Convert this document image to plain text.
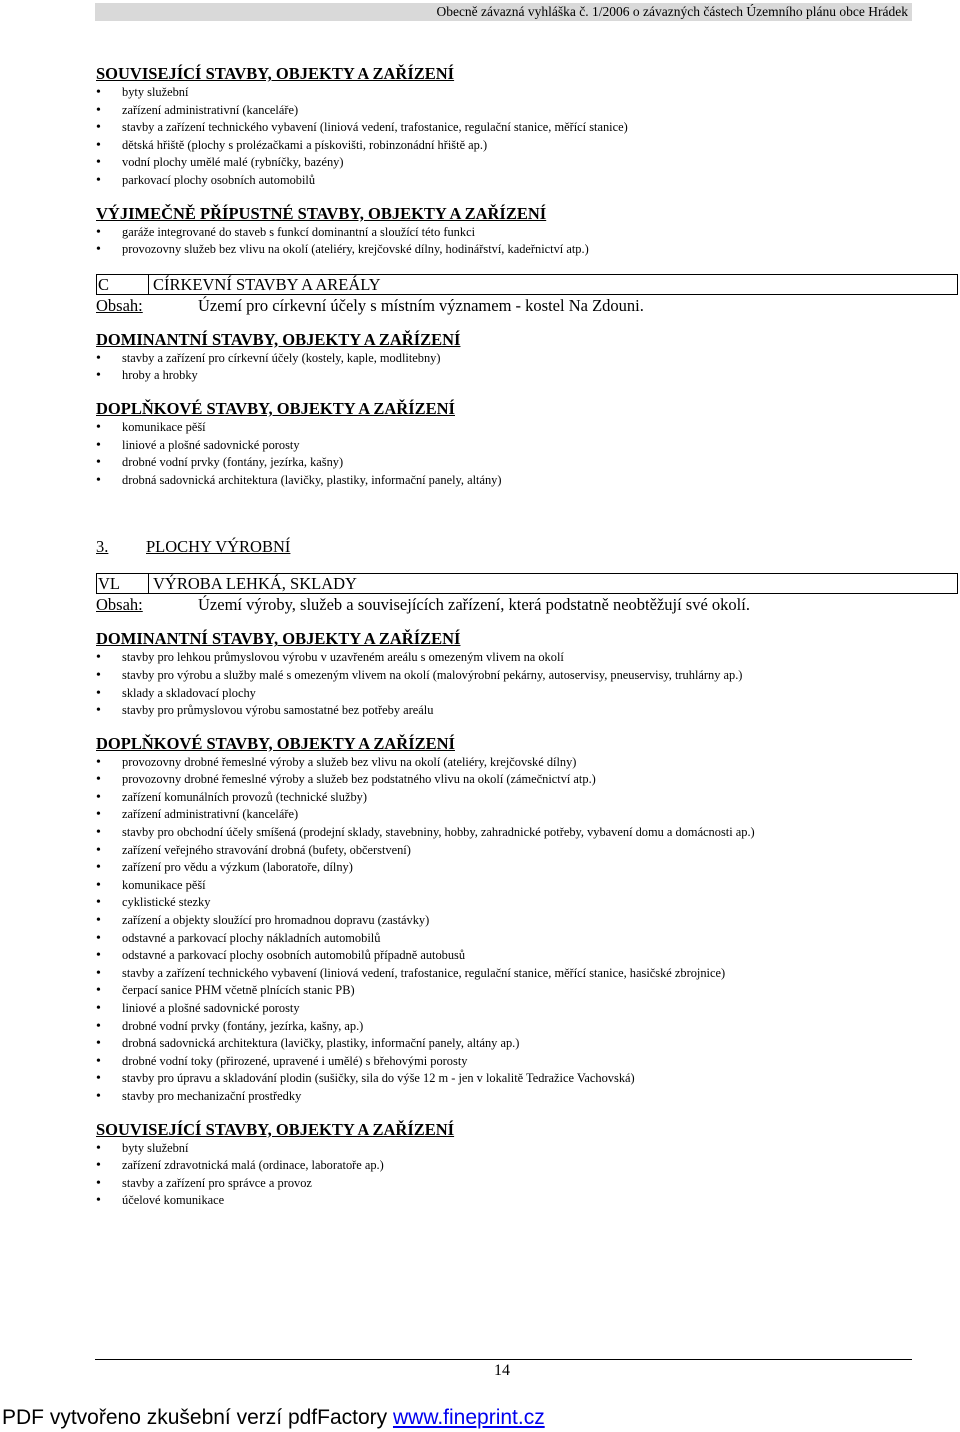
Obecně závazná vyhláška č. 1/2006 o závazných částech Územního plánu obce Hrádek
SOUVISEJÍCÍ STAVBY, OBJEKTY A ZAŘÍZENÍ
• byty služební
• zařízení administrativní (kanceláře)
• stavby a zařízení technického vybavení (liniová vedení, trafostanice, regulační stanice, měřící stanice)
• dětská hřiště (plochy s prolézačkami a pískovišti, robinzonádní hřiště ap.)
• vodní plochy umělé malé (rybníčky, bazény)
• parkovací plochy osobních automobilů
VÝJIMEČNĚ PŘÍPUSTNÉ STAVBY, OBJEKTY A ZAŘÍZENÍ
• garáže integrované do staveb s funkcí dominantní a sloužící této funkci
• provozovny služeb bez vlivu na okolí (ateliéry, krejčovské dílny, hodinářství, kadeřnictví atp.)
C	CÍRKEVNÍ STAVBY A AREÁLY
Obsah:	Území pro církevní účely s místním významem - kostel Na Zdouni.
DOMINANTNÍ STAVBY, OBJEKTY A ZAŘÍZENÍ
• stavby a zařízení pro církevní účely (kostely, kaple, modlitebny)
• hroby a hrobky
DOPLŇKOVÉ STAVBY, OBJEKTY A ZAŘÍZENÍ
• komunikace pěší
• liniové a plošné sadovnické porosty
• drobné vodní prvky (fontány, jezírka, kašny)
• drobná sadovnická architektura (lavičky, plastiky, informační panely, altány)
3. PLOCHY VÝROBNÍ
VL	VÝROBA LEHKÁ, SKLADY
Obsah:	Území výroby, služeb a souvisejících zařízení, která podstatně neobtěžují své okolí.
DOMINANTNÍ STAVBY, OBJEKTY A ZAŘÍZENÍ
• stavby pro lehkou průmyslovou výrobu v uzavřeném areálu s omezeným vlivem na okolí
• stavby pro výrobu a služby malé s omezeným vlivem na okolí (malovýrobní pekárny, autoservisy, pneuservisy, truhlárny ap.)
• sklady a skladovací plochy
• stavby pro průmyslovou výrobu samostatné bez potřeby areálu
DOPLŇKOVÉ STAVBY, OBJEKTY A ZAŘÍZENÍ
• provozovny drobné řemeslné výroby a služeb bez vlivu na okolí (ateliéry, krejčovské dílny)
• provozovny drobné řemeslné výroby a služeb bez podstatného vlivu na okolí (zámečnictví atp.)
• zařízení komunálních provozů (technické služby)
• zařízení administrativní (kanceláře)
• stavby pro obchodní účely smíšená (prodejní sklady, stavebniny, hobby, zahradnické potřeby, vybavení domu a domácnosti ap.)
• zařízení veřejného stravování drobná (bufety, občerstvení)
• zařízení pro vědu a výzkum (laboratoře, dílny)
• komunikace pěší
• cyklistické stezky
• zařízení a objekty sloužící pro hromadnou dopravu (zastávky)
• odstavné a parkovací plochy nákladních automobilů
• odstavné a parkovací plochy osobních automobilů případně autobusů
• stavby a zařízení technického vybavení (liniová vedení, trafostanice, regulační stanice, měřící stanice, hasičské zbrojnice)
• čerpací sanice PHM včetně plnících stanic PB)
• liniové a plošné sadovnické porosty
• drobné vodní prvky (fontány, jezírka, kašny, ap.)
• drobná sadovnická architektura (lavičky, plastiky, informační panely, altány ap.)
• drobné vodní toky (přirozené, upravené i umělé) s břehovými porosty
• stavby pro úpravu a skladování plodin (sušičky, sila do výše 12 m - jen v lokalitě Tedražice Vachovská)
• stavby pro mechanizační prostředky
SOUVISEJÍCÍ STAVBY, OBJEKTY A ZAŘÍZENÍ
• byty služební
• zařízení zdravotnická malá (ordinace, laboratoře ap.)
• stavby a zařízení pro správce a provoz
• účelové komunikace
14
PDF vytvořeno zkušební verzí pdfFactory www.fineprint.cz
